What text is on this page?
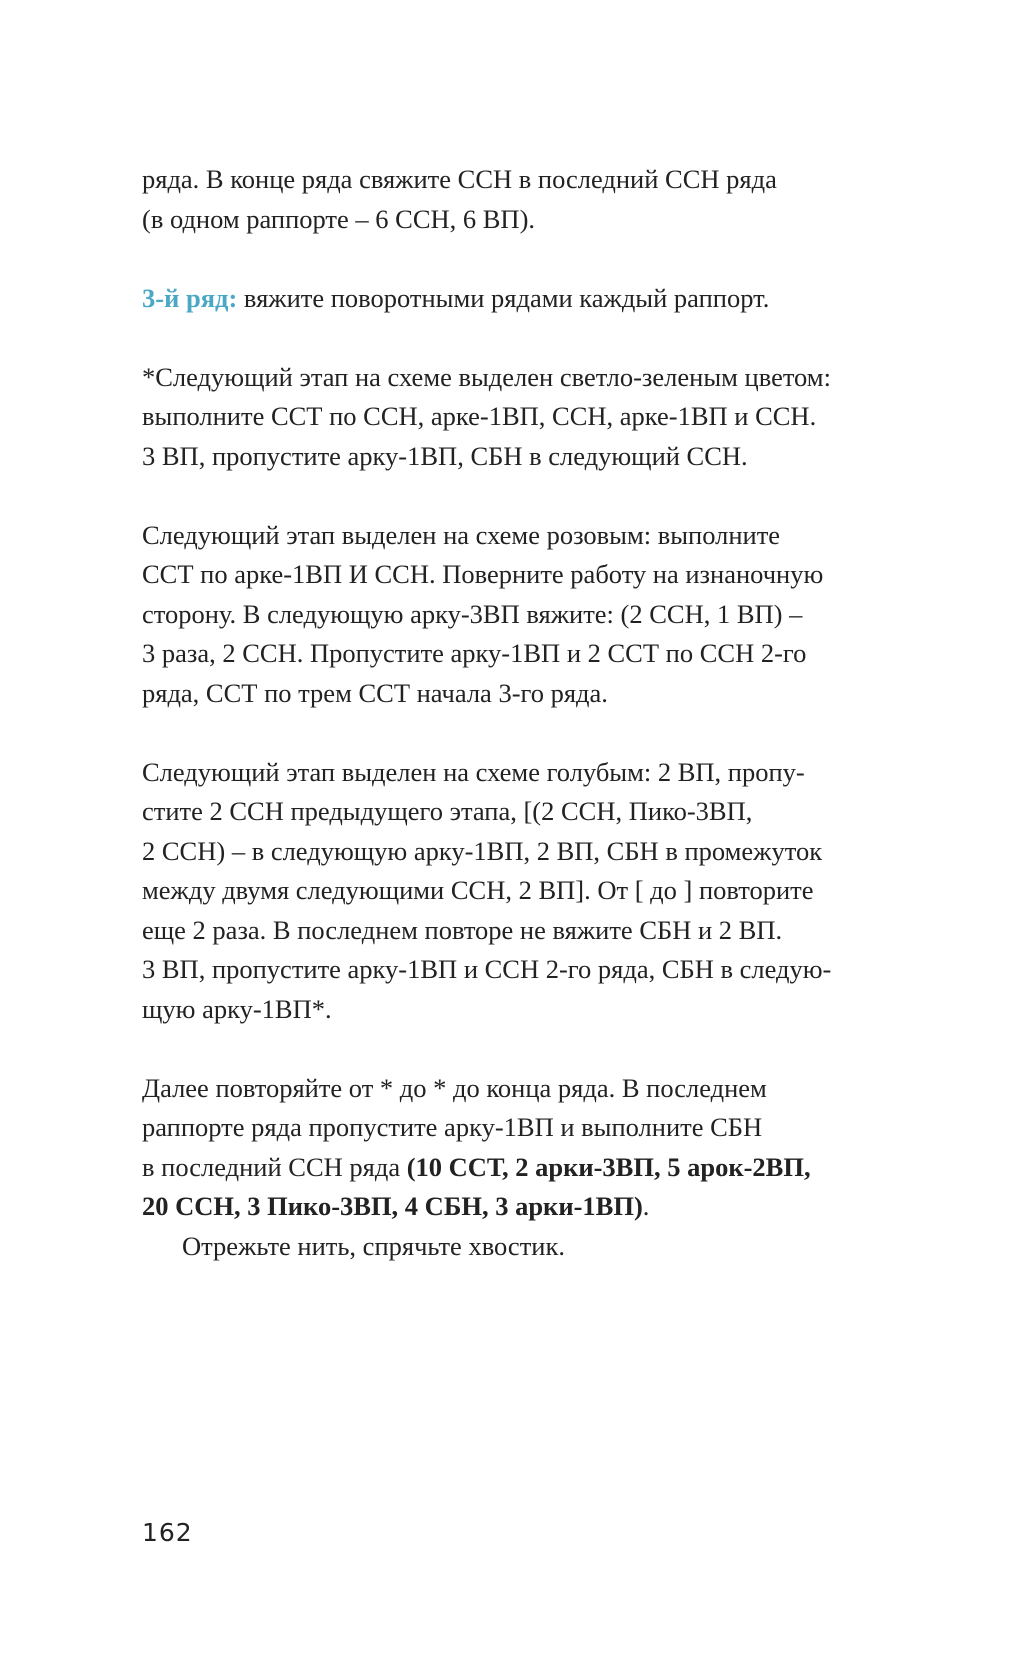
ряда. В конце ряда свяжите ССН в последний ССН ряда
(в одном раппорте – 6 ССН, 6 ВП).

3-й ряд: вяжите поворотными рядами каждый раппорт.

*Следующий этап на схеме выделен светло-зеленым цветом:
выполните ССТ по ССН, арке-1ВП, ССН, арке-1ВП и ССН.
3 ВП, пропустите арку-1ВП, СБН в следующий ССН.

Следующий этап выделен на схеме розовым: выполните
ССТ по арке-1ВП И ССН. Поверните работу на изнаночную
сторону. В следующую арку-3ВП вяжите: (2 ССН, 1 ВП) –
3 раза, 2 ССН. Пропустите арку-1ВП и 2 ССТ по ССН 2-го
ряда, ССТ по трем ССТ начала 3-го ряда.

Следующий этап выделен на схеме голубым: 2 ВП, пропу-
стите 2 ССН предыдущего этапа, [(2 ССН, Пико-3ВП,
2 ССН) – в следующую арку-1ВП, 2 ВП, СБН в промежуток
между двумя следующими ССН, 2 ВП]. От [ до ] повторите
еще 2 раза. В последнем повторе не вяжите СБН и 2 ВП.
3 ВП, пропустите арку-1ВП и ССН 2-го ряда, СБН в следую-
щую арку-1ВП*.

Далее повторяйте от * до * до конца ряда. В последнем
раппорте ряда пропустите арку-1ВП и выполните СБН
в последний ССН ряда (10 ССТ, 2 арки-3ВП, 5 арок-2ВП,
20 ССН, 3 Пико-3ВП, 4 СБН, 3 арки-1ВП).
Отрежьте нить, спрячьте хвостик.

162
